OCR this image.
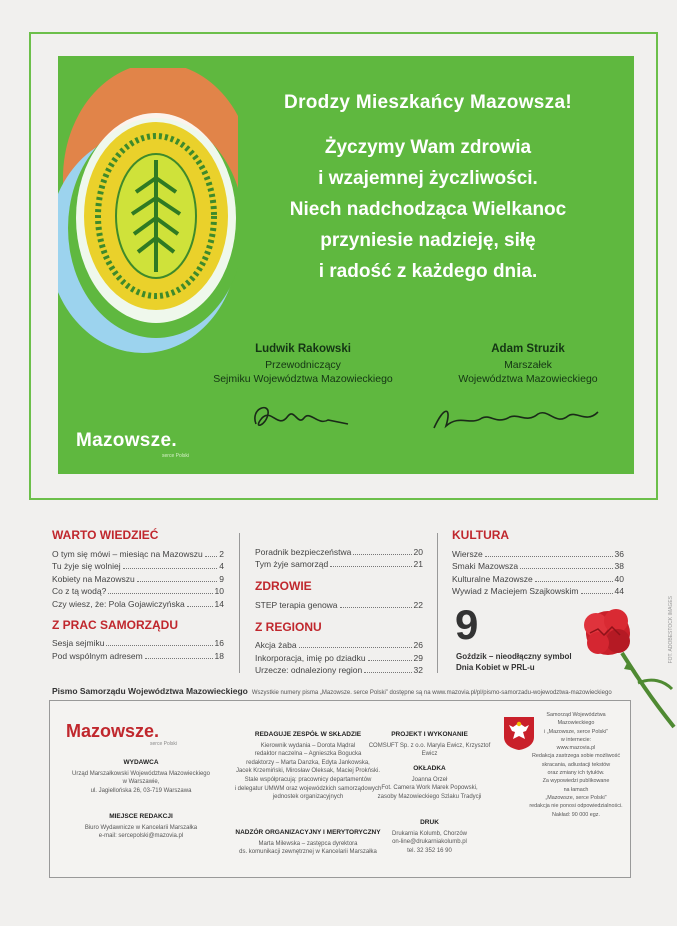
Drodzy Mieszkańcy Mazowsza!
Życzymy Wam zdrowia
i wzajemnej życzliwości.
Niech nadchodząca Wielkanoc
przyniesie nadzieję, siłę
i radość z każdego dnia.
Ludwik Rakowski
Przewodniczący
Sejmiku Województwa Mazowieckiego
Adam Struzik
Marszałek
Województwa Mazowieckiego
Mazowsze.
serce Polski
WARTO WIEDZIEĆ
O tym się mówi – miesiąc na Mazowszu 2
Tu żyje się wolniej	4
Kobiety na Mazowszu	9
Co z tą wodą?	10
Czy wiesz, że: Pola Gojawiczyńska	14
Z PRAC SAMORZĄDU
Sesja sejmiku	16
Pod wspólnym adresem	18
Poradnik bezpieczeństwa	20
Tym żyje samorząd	21
ZDROWIE
STEP terapia genowa	22
Z REGIONU
Akcja żaba	26
Inkorporacja, imię po dziadku	29
Urzecze: odnaleziony region	32
KULTURA
Wiersze	36
Smaki Mazowsza	38
Kulturalne Mazowsze	40
Wywiad z Maciejem Szajkowskim	44
9
Goździk – nieodłączny symbol Dnia Kobiet w PRL-u
FOT. ADOBESTOCK IMAGES
Pismo Samorządu Województwa Mazowieckiego Wszystkie numery pisma „Mazowsze. serce Polski” dostępne są na www.mazovia.pl/pl/pismo-samorzadu-wojewodztwa-mazowieckiego
Mazowsze.
serce Polski
WYDAWCA
Urząd Marszałkowski Województwa Mazowieckiego
w Warszawie,
ul. Jagiellońska 26, 03-719 Warszawa
MIEJSCE REDAKCJI
Biuro Wydawnicze w Kancelarii Marszałka
e-mail: sercepolski@mazovia.pl
REDAGUJE ZESPÓŁ W SKŁADZIE
Kierownik wydania – Dorota Mądral
redaktor naczelna – Agnieszka Bogucka
redaktorzy – Marta Danzka, Edyta Jankowska,
Jacek Krzemiński, Mirosław Oleksak, Maciej Prokński.
Stale współpracują: pracownicy departamentów
i delegatur UMWM oraz wojewódzkich samorządowych
jednostek organizacyjnych
NADZÓR ORGANIZACYJNY I MERYTORYCZNY
Marta Milewska – zastępca dyrektora
ds. komunikacji zewnętrznej w Kancelarii Marszałka
PROJEKT I WYKONANIE
COMSUFT Sp. z o.o. Maryla Ewicz, Krzysztof Ewicz
OKŁADKA
Joanna Orzeł
Fot. Camera Work Marek Popowski,
zasoby Mazowieckiego Szlaku Tradycji
DRUK
Drukarnia Kolumb, Chorzów
on-line@drukarniakolumb.pl
tel. 32 352 16 90
Samorząd Województwa
Mazowieckiego
i „Mazowsze, serce Polski”
w internecie:
www.mazovia.pl
Redakcja zastrzega sobie możliwość
skracania, adiustacji tekstów
oraz zmiany ich tytułów.
Za wypowiedzi publikowane
na łamach
„Mazowsze, serce Polski”
redakcja nie ponosi odpowiedzialności.
Nakład: 90 000 egz.
